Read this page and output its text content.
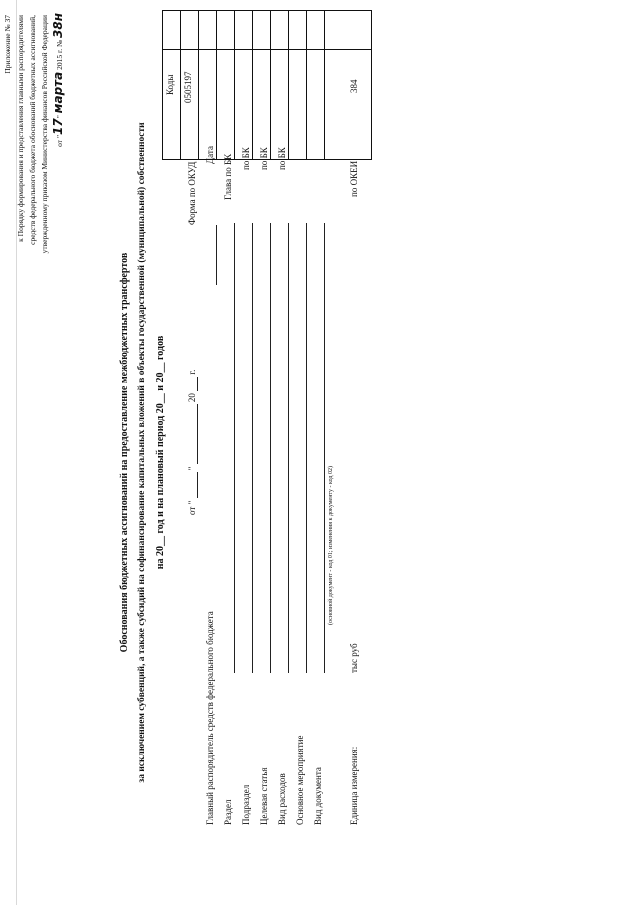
Приложение № 37 к Порядку формирования и представления главными распорядителями средств федерального бюджета обоснований бюджетных ассигнований, утвержденному приказом Министерства финансов Российской Федерации от "17" марта 2015 г. № 38н
Обоснования бюджетных ассигнований на предоставление межбюджетных трансфертов за исключением субвенций, а также субсидий на софинансирование капитальных вложений в объекты государственной (муниципальной) собственности на 20__ год и на плановый период 20__ и 20__ годов от "   "   20   г.
Форма по ОКУД
Дата
Главный распорядитель средств федерального бюджета
Глава по БК
Раздел
по БК
Подраздел
по БК
Целевая статья
по БК
Вид расходов Основное мероприятие Вид документа
(основной документ - код 01; изменения к документу - код 02)
Единица измерения:
тыс руб
по ОКЕИ
Коды 0505197	384
